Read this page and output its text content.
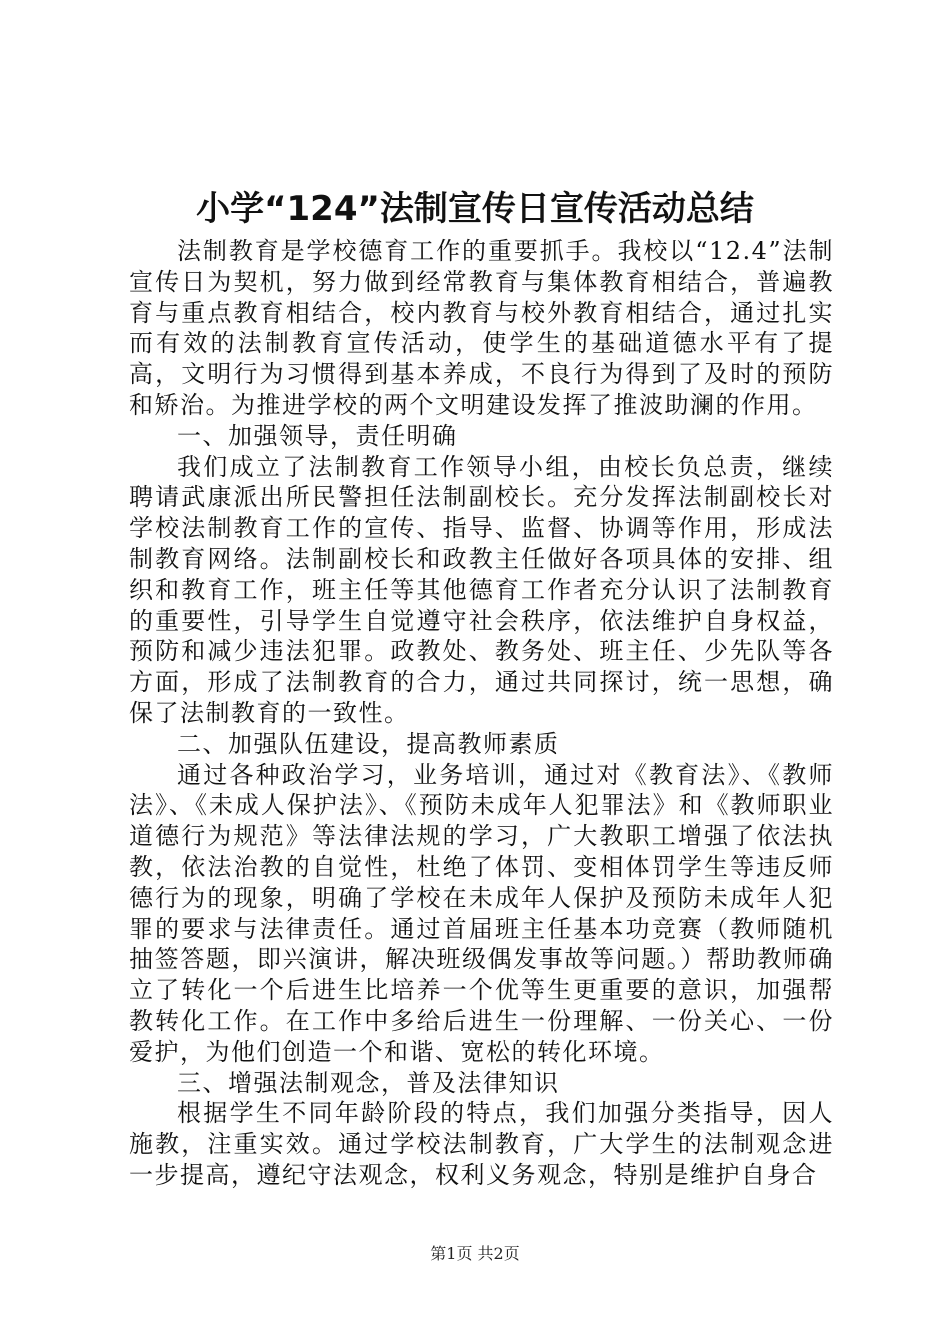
小学“124”法制宣传日宣传活动总结

法制教育是学校德育工作的重要抓手。我校以“12.4”法制宣传日为契机，努力做到经常教育与集体教育相结合，普遍教育与重点教育相结合，校内教育与校外教育相结合，通过扎实而有效的法制教育宣传活动，使学生的基础道德水平有了提高，文明行为习惯得到基本养成，不良行为得到了及时的预防和矫治。为推进学校的两个文明建设发挥了推波助澜的作用。

一、加强领导，责任明确

我们成立了法制教育工作领导小组，由校长负总责，继续聘请武康派出所民警担任法制副校长。充分发挥法制副校长对学校法制教育工作的宣传、指导、监督、协调等作用，形成法制教育网络。法制副校长和政教主任做好各项具体的安排、组织和教育工作，班主任等其他德育工作者充分认识了法制教育的重要性，引导学生自觉遵守社会秩序，依法维护自身权益，预防和减少违法犯罪。政教处、教务处、班主任、少先队等各方面，形成了法制教育的合力，通过共同探讨，统一思想，确保了法制教育的一致性。

二、加强队伍建设，提高教师素质

通过各种政治学习，业务培训，通过对《教育法》、《教师法》、《未成人保护法》、《预防未成年人犯罪法》和《教师职业道德行为规范》等法律法规的学习，广大教职工增强了依法执教，依法治教的自觉性，杜绝了体罚、变相体罚学生等违反师德行为的现象，明确了学校在未成年人保护及预防未成年人犯罪的要求与法律责任。通过首届班主任基本功竞赛（教师随机抽签答题，即兴演讲，解决班级偶发事故等问题。）帮助教师确立了转化一个后进生比培养一个优等生更重要的意识，加强帮教转化工作。在工作中多给后进生一份理解、一份关心、一份爱护，为他们创造一个和谐、宽松的转化环境。

三、增强法制观念，普及法律知识

根据学生不同年龄阶段的特点，我们加强分类指导，因人施教，注重实效。通过学校法制教育，广大学生的法制观念进一步提高，遵纪守法观念，权利义务观念，特别是维护自身合

第1页 共2页
